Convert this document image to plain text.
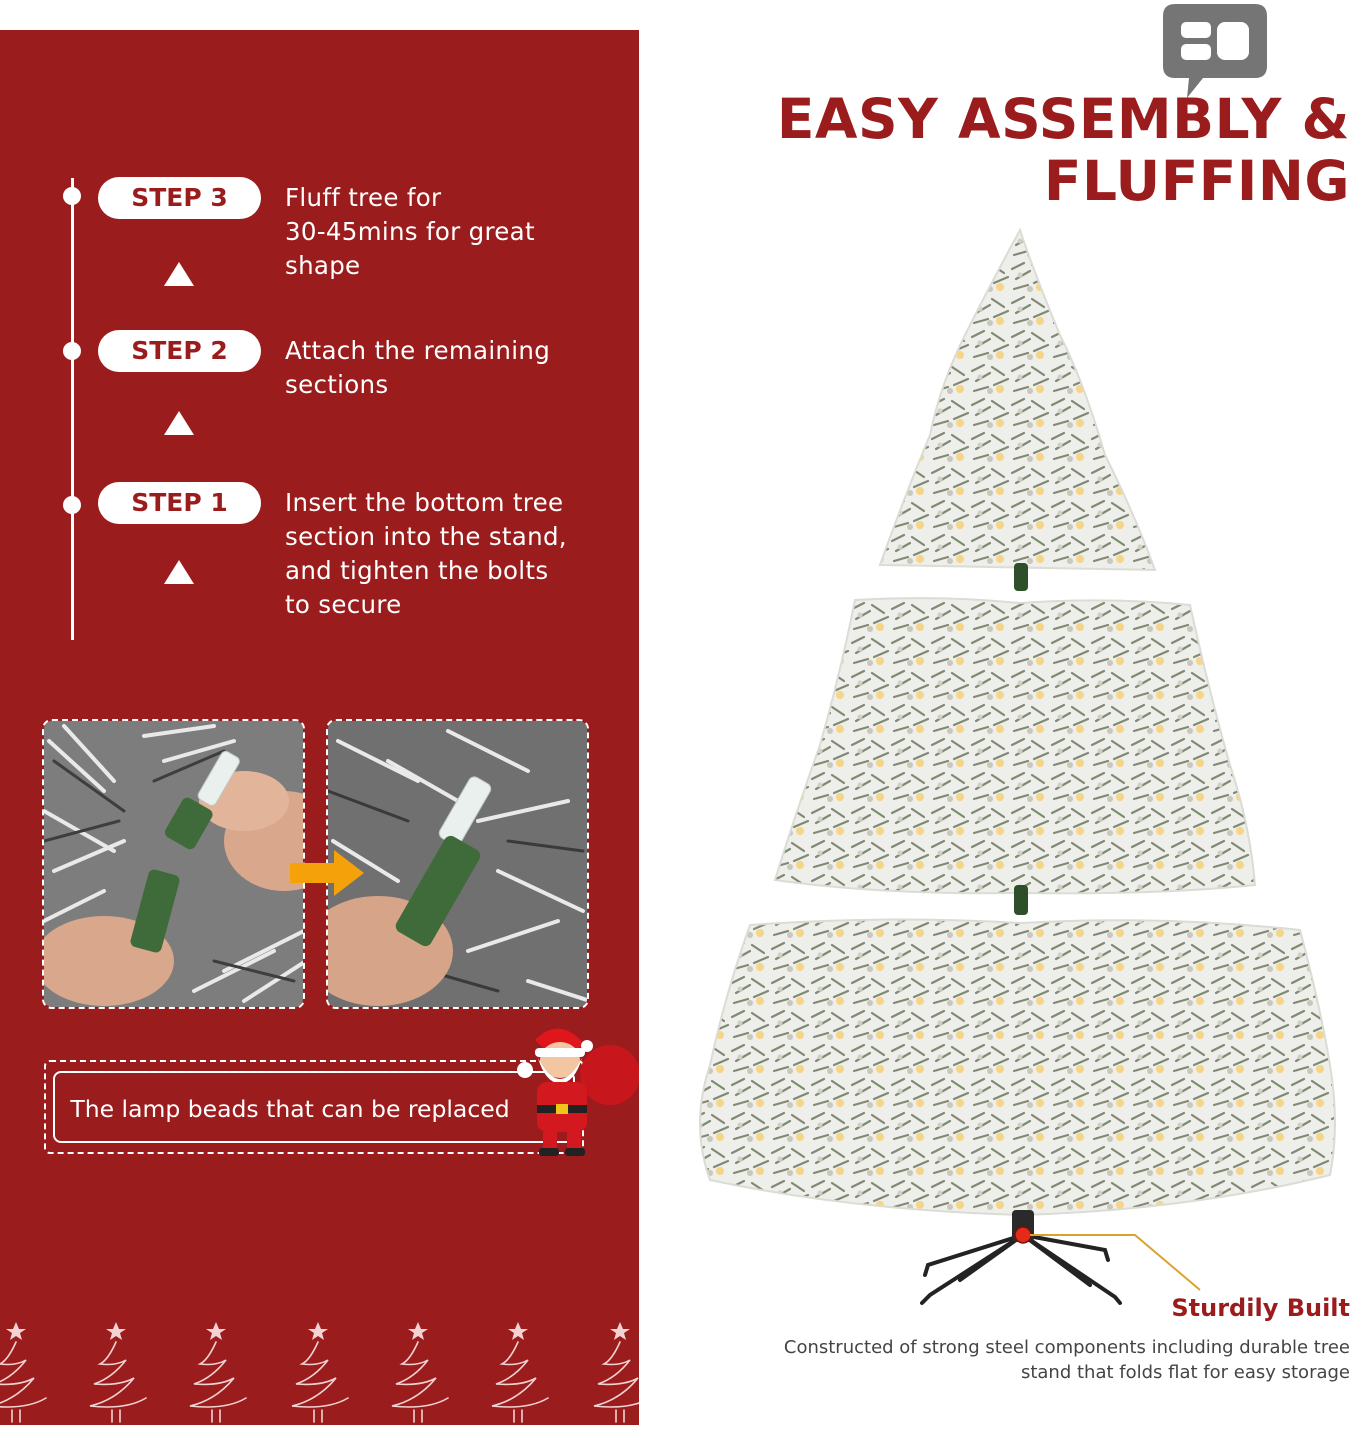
STEP 3	Fluff tree for
30-45mins for great
shape
STEP 2	Attach the remaining
sections
STEP 1	Insert the bottom tree
section into the stand,
and tighten the bolts
to secure
The lamp beads that can be replaced
EASY ASSEMBLY &
FLUFFING
Sturdily Built
Constructed of strong steel components including durable tree
stand that folds flat for easy storage
